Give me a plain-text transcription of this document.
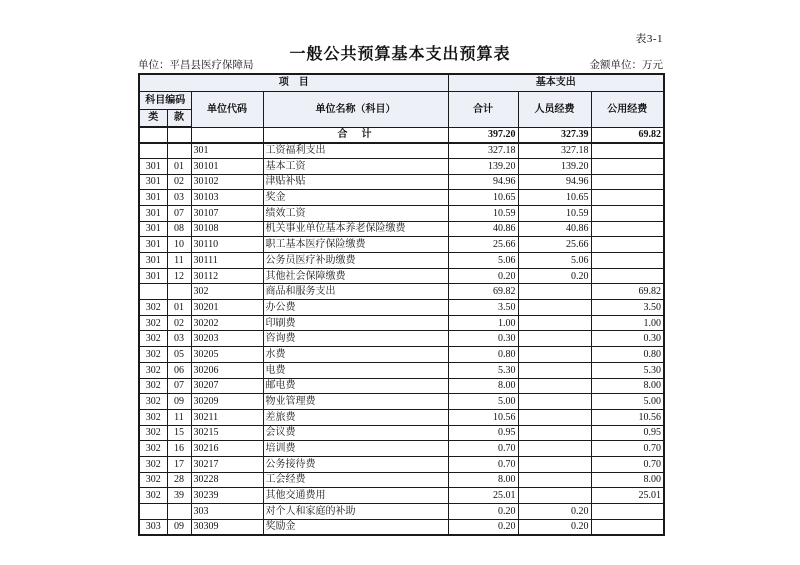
表3-1
一般公共预算基本支出预算表
单位：平昌县医疗保障局	金额单位：万元
项　目				基本支出		
科目编码		单位代码	单位名称（科目）	合计	人员经费	公用经费
类	款					
			合　计	397.20	327.39	69.82
		301	工资福利支出	327.18	327.18	
301	01	30101	基本工资	139.20	139.20	
301	02	30102	津贴补贴	94.96	94.96	
301	03	30103	奖金	10.65	10.65	
301	07	30107	绩效工资	10.59	10.59	
301	08	30108	机关事业单位基本养老保险缴费	40.86	40.86	
301	10	30110	职工基本医疗保险缴费	25.66	25.66	
301	11	30111	公务员医疗补助缴费	5.06	5.06	
301	12	30112	其他社会保障缴费	0.20	0.20	
		302	商品和服务支出	69.82		69.82
302	01	30201	办公费	3.50		3.50
302	02	30202	印刷费	1.00		1.00
302	03	30203	咨询费	0.30		0.30
302	05	30205	水费	0.80		0.80
302	06	30206	电费	5.30		5.30
302	07	30207	邮电费	8.00		8.00
302	09	30209	物业管理费	5.00		5.00
302	11	30211	差旅费	10.56		10.56
302	15	30215	会议费	0.95		0.95
302	16	30216	培训费	0.70		0.70
302	17	30217	公务接待费	0.70		0.70
302	28	30228	工会经费	8.00		8.00
302	39	30239	其他交通费用	25.01		25.01
		303	对个人和家庭的补助	0.20	0.20	
303	09	30309	奖励金	0.20	0.20	
